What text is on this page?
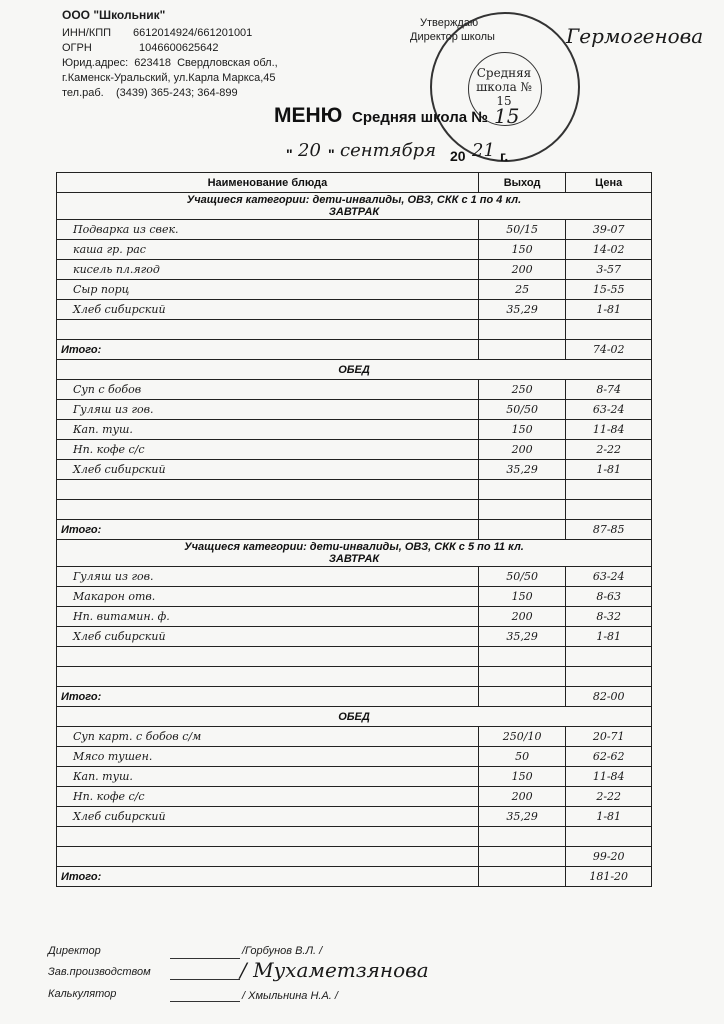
ООО "Школьник"
ИНН/КПП 6612014924/661201001
ОГРН	1046600625642
Юрид.адрес:  623418  Свердловская обл.,
г.Каменск-Уральский, ул.Карла Маркса,45
тел.раб.    (3439) 365-243; 364-899
Утверждаю
Директор школы	Гермогенова
Средняя школа № 15
МЕНЮ Средняя школа № 15
" 20 " сентября 20 21 г.
Наименование блюда	Выход	Цена
Учащиеся категории: дети-инвалиды, ОВЗ, СКК с 1 по 4 кл.
ЗАВТРАК		
Подварка из свек.	50/15	39-07
каша гр. рас	150	14-02
кисель пл.ягод	200	3-57
Сыр порц	25	15-55
Хлеб сибирский	35,29	1-81

Итого:		74-02
ОБЕД		
Суп с бобов	250	8-74
Гуляш из гов.	50/50	63-24
Кап. туш.	150	11-84
Нп. кофе с/с	200	2-22
Хлеб сибирский	35,29	1-81

Итого:		87-85
Учащиеся категории: дети-инвалиды, ОВЗ, СКК с 5 по 11 кл.
ЗАВТРАК		
Гуляш из гов.	50/50	63-24
Макарон отв.	150	8-63
Нп. витамин. ф.	200	8-32
Хлеб сибирский	35,29	1-81

Итого:		82-00
ОБЕД		
Суп карт. с бобов с/м	250/10	20-71
Мясо тушен.	50	62-62
Кап. туш.	150	11-84
Нп. кофе с/с	200	2-22
Хлеб сибирский	35,29	1-81

		99-20
Итого:		181-20
Директор	/Горбунов В.Л. /
Зав.производством	/ Мухаметзянова
Калькулятор	/ Хмыльнина Н.А. /
